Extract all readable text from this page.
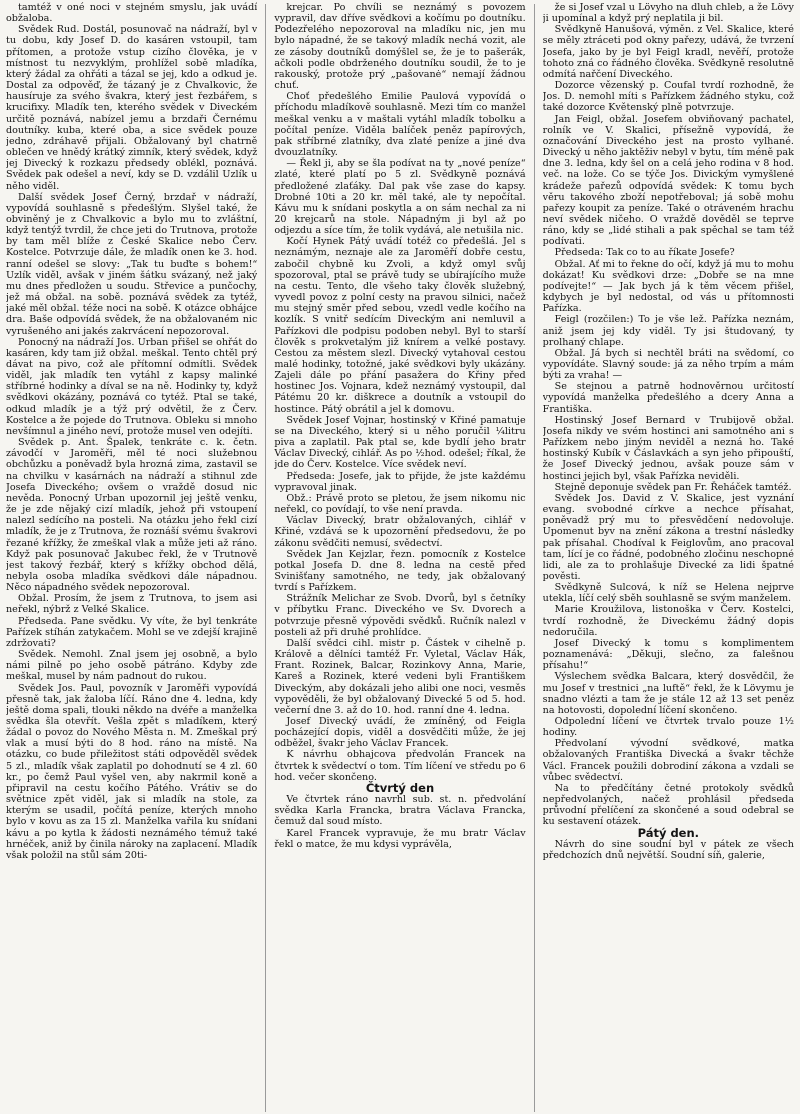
tamtéž v oné noci v stejném smyslu, jak uvádí obžaloba.

Svědek Rud. Dostál, posunovač na nádraží, byl v tu dobu, kdy Josef D. do kasáren vstoupil, tam přítomen, a protože vstup cizího člověka, je v místnost tu nezvyklým, prohlížel sobě mladíka, který žádal za ohřáti a tázal se jej, kdo a odkud je. Dostal za odpověď, že tázaný je z Chvalkovic, že hausíruje za svého švakra, který jest řezbářem, s krucifixy. Mladík ten, kterého svědek v Diveckém určitě poznává, nabízel jemu a brzdaři Černému doutníky. kuba, které oba, a sice svědek pouze jedno, zdráhavě přijali. Obžalovaný byl chatrně oblečen ve hnědý krátký zimník, který svědek, když jej Divecký k rozkazu předsedy oblékl, poznává. Svědek pak odešel a neví, kdy se D. vzdálil Uzlík u něho viděl.

Další svědek Josef Černý, brzdař v nádraží, vypovídá souhlasně s předešlým. Slyšel také, že obviněný je z Chvalkovic a bylo mu to zvláštní, když tentýž tvrdil, že chce jeti do Trutnova, protože by tam měl blíže z České Skalice nebo Červ. Kostelce. Potvrzuje dále, že mladík onen ke 3. hod. ranní odešel se slovy: „Tak tu buďte s bohem!“ Uzlík viděl, avšak v jiném šátku svázaný, než jaký mu dnes předložen u soudu. Střevice a punčochy, jež má obžal. na sobě. poznává svědek za tytéž, jaké měl obžal. téže noci na sobě. K otázce obhájce dra. Baše odpovídá svědek, že na obžalovaném nic vyrušeného ani jakés zakrvácení nepozoroval.

Ponocný na nádraží Jos. Urban přišel se ohřát do kasáren, kdy tam již obžal. meškal. Tento chtěl prý dávat na pivo, což ale přítomní odmítli. Svědek viděl, jak mladík ten vytáhl z kapsy malinké stříbrné hodinky a díval se na ně. Hodinky ty, když svědkovi okázány, poznává co tytéž. Ptal se také, odkud mladík je a týž prý odvětil, že z Červ. Kostelce a že pojede do Trutnova. Obleku si mnoho nevšímnul a jiného neví, protože musel ven odejíti.

Svědek p. Ant. Špalek, tenkráte c. k. četn. závodčí v Jaroměři, měl té noci služebnou obchůzku a poněvadž byla hrozná zima, zastavil se na chvilku v kasárnách na nádraží a stihnul zde Josefa Diveckého; ovšem o vraždě dosud nic nevěda. Ponocný Urban upozornil jej ještě venku, že je zde nějaký cizí mladík, jehož při vstoupení nalezl sedícího na posteli. Na otázku jeho řekl cizí mladík, že je z Trutnova, že roznáší svému švakrovi řezané křížky, že zmeškal vlak a může jeti až ráno. Když pak posunovač Jakubec řekl, že v Trutnově jest takový řezbář, který s křížky obchod dělá, nebyla osoba mladíka svědkovi dále nápadnou. Něco nápadného svědek nepozoroval.

Obžal. Prosím, že jsem z Trutnova, to jsem asi neřekl, nýbrž z Velké Skalice.

Předseda. Pane svědku. Vy víte, že byl tenkráte Pařízek stíhán zatykačem. Mohl se ve zdejší krajině zdržovati?

Svědek. Nemohl. Znal jsem jej osobně, a bylo námi pilně po jeho osobě pátráno. Kdyby zde meškal, musel by nám padnout do rukou.

Svědek Jos. Paul, povozník v Jaroměři vypovídá přesně tak, jak žaloba líčí. Ráno dne 4. ledna, kdy ještě doma spali, tlouki někdo na dvéře a manželka svědka šla otevřít. Vešla zpět s mladíkem, který žádal o povoz do Nového Města n. M. Zmeškal prý vlak a musí býti do 8 hod. ráno na místě. Na otázku, co bude přiležitost státi odpověděl svědek 5 zl., mladík však zaplatil po dohodnutí se 4 zl. 60 kr., po čemž Paul vyšel ven, aby nakrmil koně a připravil na cestu kočího Pátého. Vrátiv se do světnice zpět viděl, jak si mladík na stole, za kterým se usadil, počítá peníze, kterých mnoho bylo v kovu as za 15 zl. Manželka vařila ku snídani kávu a po kytla k žádosti neznámého témuž také hrnéček, aniž by činila nároky na zaplacení. Mladík však položil na stůl sám 20ti-

krejcar. Po chvíli se neznámý s povozem vypravil, dav dříve svědkovi a kočímu po doutníku. Podezřelého nepozoroval na mladíku nic, jen mu bylo nápadné, že se takový mladík nechá vozit, ale ze zásoby doutníků domýšlel se, že je to pašerák, ačkoli podle obdrženého doutníku soudil, že to je rakouský, protože prý „pašovanė“ nemají žádnou chuť.

Choť předešlého Emilie Paulová vypovídá o příchodu mladíkově souhlasně. Mezi tím co manžel meškal venku a v maštali vytáhl mladík tobolku a počítal peníze. Viděla balíček peněz papírových, pak stříbrné zlatníky, dva zlaté peníze a jiné dva dvouzlatníky.

— Řekl ji, aby se šla podívat na ty „nové peníze“ zlaté, které platí po 5 zl. Svědkyně poznává předložené zlaťáky. Dal pak vše zase do kapsy. Drobné 10ti a 20 kr. měl také, ale ty nepočítal. Kávu mu k snídani poskytla a on sám nechal za ni 20 krejcarů na stole. Nápadným ji byl až po odjezdu a síce tím, že tolik vydává, ale netušila nic.

Kočí Hynek Pátý uvádí totéž co předešlá. Jel s neznámým, neznaje ale za Jaroměří dobře cestu, zabočil chybně ku Zvoli, a když omyl svůj spozoroval, ptal se právě tudy se ubírajícího muže na cestu. Tento, dle všeho taky člověk služebný, vyvedl povoz z polní cesty na pravou silnici, načež mu stejný směr před sebou, vzedl vedle kočího na kozlík. S vnitř sedícím Diveckým ani nemluvil a Pařízkovi dle podpisu podoben nebyl. Byl to starší člověk s prokvetalým již knírem a velké postavy. Cestou za městem slezl. Divecký vytahoval cestou malé hodinky, totožné, jaké svědkovi byly ukázány. Zajeli dále po přání pasažera do Křiny před hostinec Jos. Vojnara, kdež neznámý vystoupil, dal Pátému 20 kr. diškrece a doutník a vstoupil do hostince. Pátý obrátil a jel k domovu.

Svědek Josef Vojnar, hostinský v Křiné pamatuje se na Diveckého, který si u něho poručil ¼litru piva a zaplatil. Pak ptal se, kde bydlí jeho bratr Václav Divecký, cihlář. As po ½hod. odešel; říkal, že jde do Červ. Kostelce. Více svědek neví.

Předseda: Josefe, jak to přijde, že jste každému vypravoval jinak.

Obž.: Právě proto se pletou, že jsem nikomu nic neřekl, co povídají, to vše není pravda.

Václav Divecký, bratr obžalovaných, cihlář v Křiné, vzdává se k upozornění předsedovu, že po zákonu svědčiti nemusí, svědectví.

Svědek Jan Kejzlar, řezn. pomocník z Kostelce potkal Josefa D. dne 8. ledna na cestě před Svinišťany samotného, ne tedy, jak obžalovaný tvrdí s Pařízkem.

Strážník Melichar ze Svob. Dvorů, byl s četníky v příbytku Franc. Diveckého ve Sv. Dvorech a potvrzuje přesně výpovědi svědků. Ručník nalezl v posteli až při druhé prohlídce.

Další svědci cihl. mistr p. Částek v cihelně p. Králově a dělníci tamtéž Fr. Vyletal, Václav Hák, Frant. Rozinek, Balcar, Rozinkovy Anna, Marie, Kareš a Rozinek, které vedeni byli Františkem Diveckým, aby dokázali jeho alibi one noci, vesměs vypověděli, že byl obžalovaný Divecké 5 od 5. hod. večerní dne 3. až do 10. hod. ranní dne 4. ledna.

Josef Divecký uvádí, že zmíněný, od Feigla pocházející dopis, viděl a dosvědčiti může, že jej odběžel, švakr jeho Václav Francek.

K návrhu obhajcova předvolán Francek na čtvrtek k svědectví o tom. Tím líčení ve středu po 6 hod. večer skončeno.

Čtvrtý den

Ve čtvrtek ráno navrhl sub. st. n. předvolání svědka Karla Francka, bratra Václava Francka, čemuž dal soud místo.

Karel Francek vypravuje, že mu bratr Václav řekl o matce, že mu kdysi vyprávěla,

že si Josef vzal u Lövyho na dluh chleb, a že Lövy ji upomínal a když prý neplatila ji bil.

Svědkyně Hanušová, výměn. z Vel. Skalice, které se měly ztráceti pod okny pařezy, udává, že tvrzení Josefa, jako by je byl Feigl kradl, nevěří, protože tohoto zná co řádného člověka. Svědkyně resolutně odmítá nařčení Diveckého.

Dozorce vězenský p. Coufal tvrdí rozhodně, že Jos. D. nemohl míti s Pařízkem žádného styku, což také dozorce Květenský plně potvrzuje.

Jan Feigl, obžal. Josefem obviňovaný pachatel, rolník ve V. Skalici, přísežně vypovídá, že označování Diveckého jest na prosto vylhané. Divecký u něho jaktěživ nebyl v bytu, tím méně pak dne 3. ledna, kdy šel on a celá jeho rodina v 8 hod. več. na lože. Co se týče Jos. Divickým vymyšlené krádeže pařezů odpovídá svědek: K tomu bych věru takového zboží nepotřeboval; já sobě mohu pařezy koupit za peníze. Také o otráveném hrachu neví svědek ničeho. O vraždě dověděl se teprve ráno, kdy se „lidé stihali a pak spěchal se tam též podívati.

Předseda: Tak co to au říkate Josefe?

Obžal. Ať mi to řekne do očí, když já mu to mohu dokázat! Ku svědkovi drze: „Dobře se na mne podívejte!“ — Jak bych já k těm věcem přišel, kdybych je byl nedostal, od vás u přítomnosti Pařízka.

Feigl (rozčilen:) To je vše lež. Pařízka neznám, aniž jsem jej kdy viděl. Ty jsi študovaný, ty prolhaný chlape.

Obžal. Já bych si nechtěl bráti na svědomí, co vypovídáte. Slavný soude: já za něho trpím a mám býti za vraha! —

Se stejnou a patrně hodnověrnou určitostí vypovídá manželka předešlého a dcery Anna a Františka.

Hostinský Josef Bernard v Trubijově obžal. Josefa nikdy ve svém hostinci ani samotného ani s Pařízkem nebo jiným neviděl a nezná ho. Také hostinský Kubík v Čáslavkách a syn jeho připouští, že Josef Divecký jednou, avšak pouze sám v hostinci jejich byl, však Pařízka neviděli.

Stejně deponuje svědek pan Fr. Řeháček tamtéž.

Svědek Jos. David z V. Skalice, jest vyznání evang. svobodné církve a nechce přísahat, poněvadž prý mu to přesvědčení nedovoluje. Upomenut byv na znění zákona a trestní následky pak přísahal. Chodíval k Feiglovům, ano pracoval tam, lící je co řádné, podobného zločinu neschopné lidi, ale za to prohlašuje Divecké za lidi špatné pověsti.

Svědkyně Sulcová, k níž se Helena nejprve utekla, líčí celý sběh souhlasně se svým manželem.

Marie Kroužilova, listonoška v Červ. Kostelci, tvrdí rozhodně, že Diveckému žádný dopis nedoručila.

Josef Divecký k tomu s komplimentem poznamenává: „Děkuji, slečno, za falešnou přísahu!“

Výslechem svědka Balcara, který dosvědčil, že mu Josef v trestnici „na luftě“ řekl, že k Lövymu je snadno vlézti a tam že je stále 12 až 13 set peněz na hotovosti, dopolední líčení skončeno.

Odpolední líčení ve čtvrtek trvalo pouze 1½ hodiny.

Předvolaní vývodní svědkové, matka obžalovaných Františka Divecká a švakr těchže Václ. Francek použili dobrodiní zákona a vzdali se vůbec svědectví.

Na to předčítány četné protokoly svědků nepředvolaných, načež prohlásil předseda průvodní přelíčení za skončené a soud odebral se ku sestavení otázek.

Pátý den.

Návrh do sine soudní byl v pátek ze všech předchozích dnů největší. Soudní síň, galerie,
